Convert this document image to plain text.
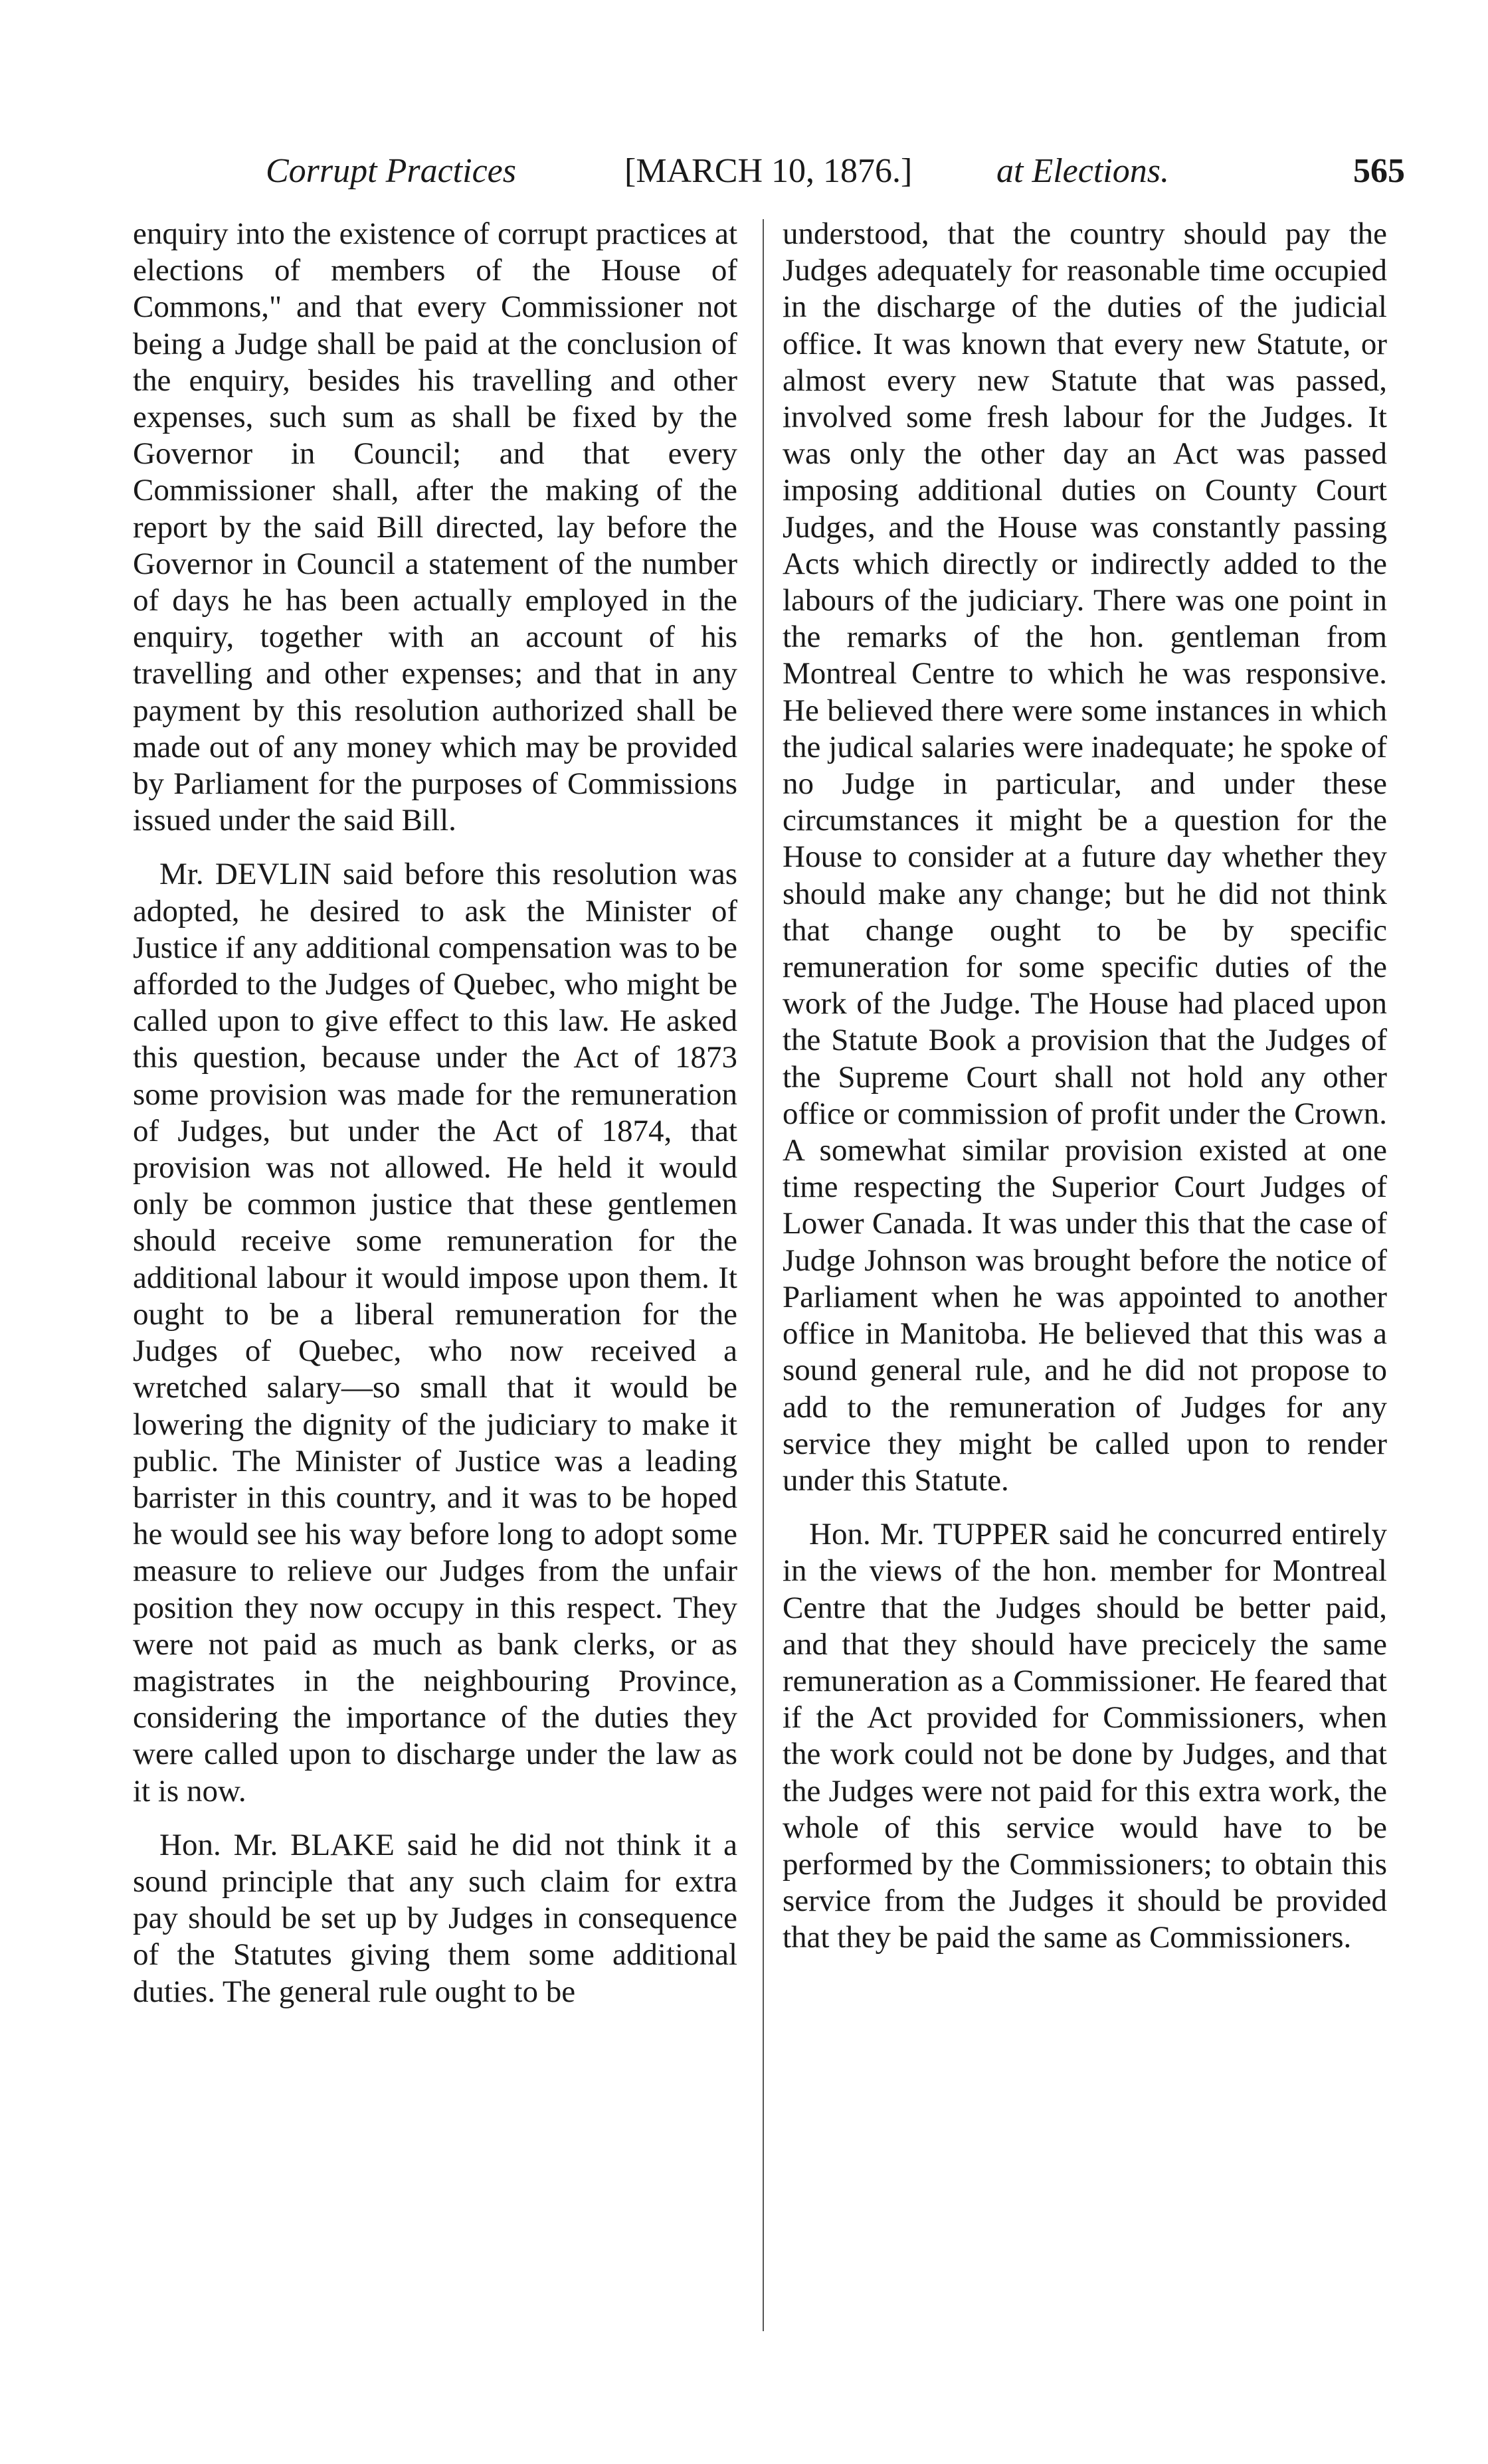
Corrupt Practices	[MARCH 10, 1876.] at Elections.	565

enquiry into the existence of corrupt practices at elections of members of the House of Commons," and that every Commissioner not being a Judge shall be paid at the conclusion of the enquiry, besides his travelling and other expenses, such sum as shall be fixed by the Governor in Council; and that every Commissioner shall, after the making of the report by the said Bill directed, lay before the Governor in Council a statement of the number of days he has been actually employed in the enquiry, together with an account of his travelling and other expenses; and that in any payment by this resolution authorized shall be made out of any money which may be provided by Parliament for the purposes of Commissions issued under the said Bill.

Mr. DEVLIN said before this resolution was adopted, he desired to ask the Minister of Justice if any additional compensation was to be afforded to the Judges of Quebec, who might be called upon to give effect to this law. He asked this question, because under the Act of 1873 some provision was made for the remuneration of Judges, but under the Act of 1874, that provision was not allowed. He held it would only be common justice that these gentlemen should receive some remuneration for the additional labour it would impose upon them. It ought to be a liberal remuneration for the Judges of Quebec, who now received a wretched salary—so small that it would be lowering the dignity of the judiciary to make it public. The Minister of Justice was a leading barrister in this country, and it was to be hoped he would see his way before long to adopt some measure to relieve our Judges from the unfair position they now occupy in this respect. They were not paid as much as bank clerks, or as magistrates in the neighbouring Province, considering the importance of the duties they were called upon to discharge under the law as it is now.

Hon. Mr. BLAKE said he did not think it a sound principle that any such claim for extra pay should be set up by Judges in consequence of the Statutes giving them some additional duties. The general rule ought to be

understood, that the country should pay the Judges adequately for reasonable time occupied in the discharge of the duties of the judicial office. It was known that every new Statute, or almost every new Statute that was passed, involved some fresh labour for the Judges. It was only the other day an Act was passed imposing additional duties on County Court Judges, and the House was constantly passing Acts which directly or indirectly added to the labours of the judiciary. There was one point in the remarks of the hon. gentleman from Montreal Centre to which he was responsive. He believed there were some instances in which the judical salaries were inadequate; he spoke of no Judge in particular, and under these circumstances it might be a question for the House to consider at a future day whether they should make any change; but he did not think that change ought to be by specific remuneration for some specific duties of the work of the Judge. The House had placed upon the Statute Book a provision that the Judges of the Supreme Court shall not hold any other office or commission of profit under the Crown. A somewhat similar provision existed at one time respecting the Superior Court Judges of Lower Canada. It was under this that the case of Judge Johnson was brought before the notice of Parliament when he was appointed to another office in Manitoba. He believed that this was a sound general rule, and he did not propose to add to the remuneration of Judges for any service they might be called upon to render under this Statute.

Hon. Mr. TUPPER said he concurred entirely in the views of the hon. member for Montreal Centre that the Judges should be better paid, and that they should have precicely the same remuneration as a Commissioner. He feared that if the Act provided for Commissioners, when the work could not be done by Judges, and that the Judges were not paid for this extra work, the whole of this service would have to be performed by the Commissioners; to obtain this service from the Judges it should be provided that they be paid the same as Commissioners.
